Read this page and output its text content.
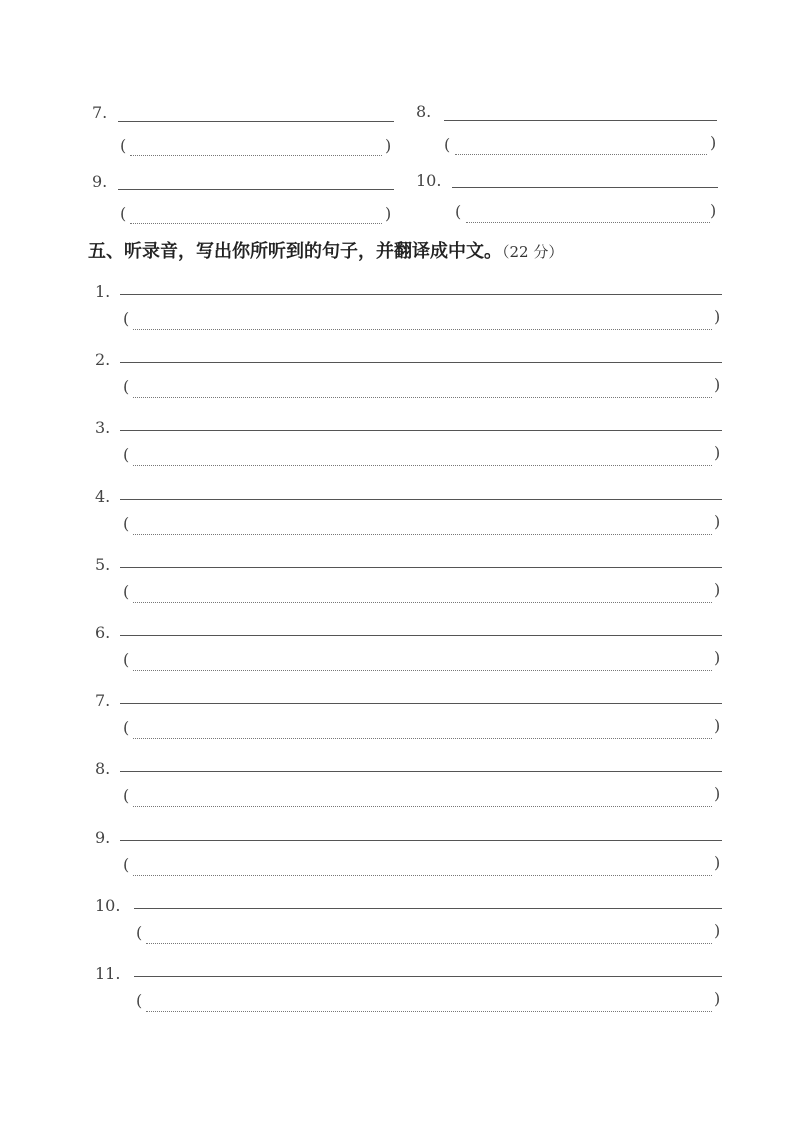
7.
(	)
8.
(	)
9.
(	)
10.
(	)
五、听录音，写出你所听到的句子，并翻译成中文。（22 分）
1.
(	)
2.
(	)
3.
(	)
4.
(	)
5.
(	)
6.
(	)
7.
(	)
8.
(	)
9.
(	)
10.
(	)
11.
(	)
